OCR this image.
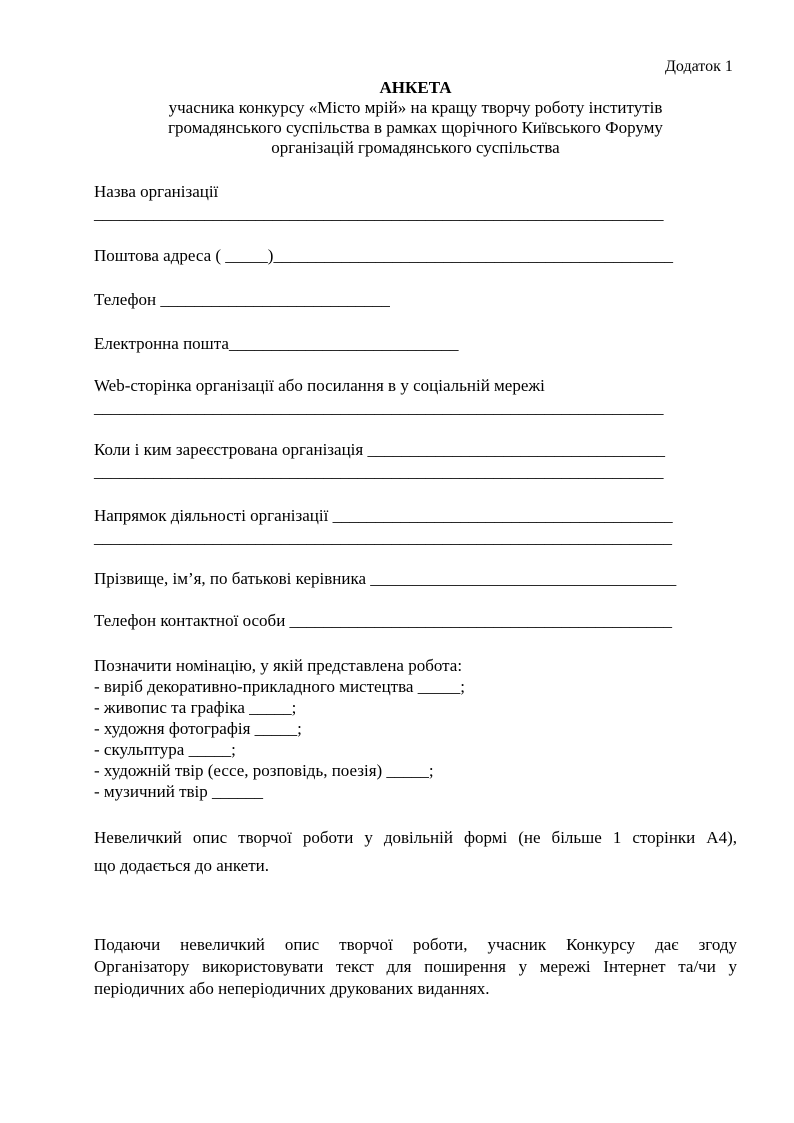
Додаток 1
АНКЕТА
учасника конкурсу «Місто мрій» на кращу творчу роботу інститутів
громадянського суспільства в рамках щорічного Київського Форуму
організацій громадянського суспільства
Назва організації
___________________________________________________________________
Поштова адреса ( _____)_______________________________________________
Телефон ___________________________
Електронна пошта___________________________
Web-сторінка організації або посилання в у соціальній мережі
___________________________________________________________________
Коли і ким зареєстрована організація ___________________________________
___________________________________________________________________
Напрямок діяльності організації ________________________________________
____________________________________________________________________
Прізвище, ім’я, по батькові керівника ____________________________________
Телефон контактної особи _____________________________________________
Позначити номінацію, у якій представлена робота:
- виріб декоративно-прикладного мистецтва _____;
- живопис та графіка _____;
- художня фотографія _____;
- скульптура _____;
- художній твір (ессе, розповідь, поезія) _____;
- музичний твір ______
Невеличкий опис творчої роботи у довільній формі (не більше 1 сторінки А4),
що додається до анкети.
Подаючи невеличкий опис творчої роботи, учасник Конкурсу дає згоду
Організатору використовувати текст для поширення у мережі Інтернет та/чи у
періодичних або неперіодичних друкованих виданнях.
